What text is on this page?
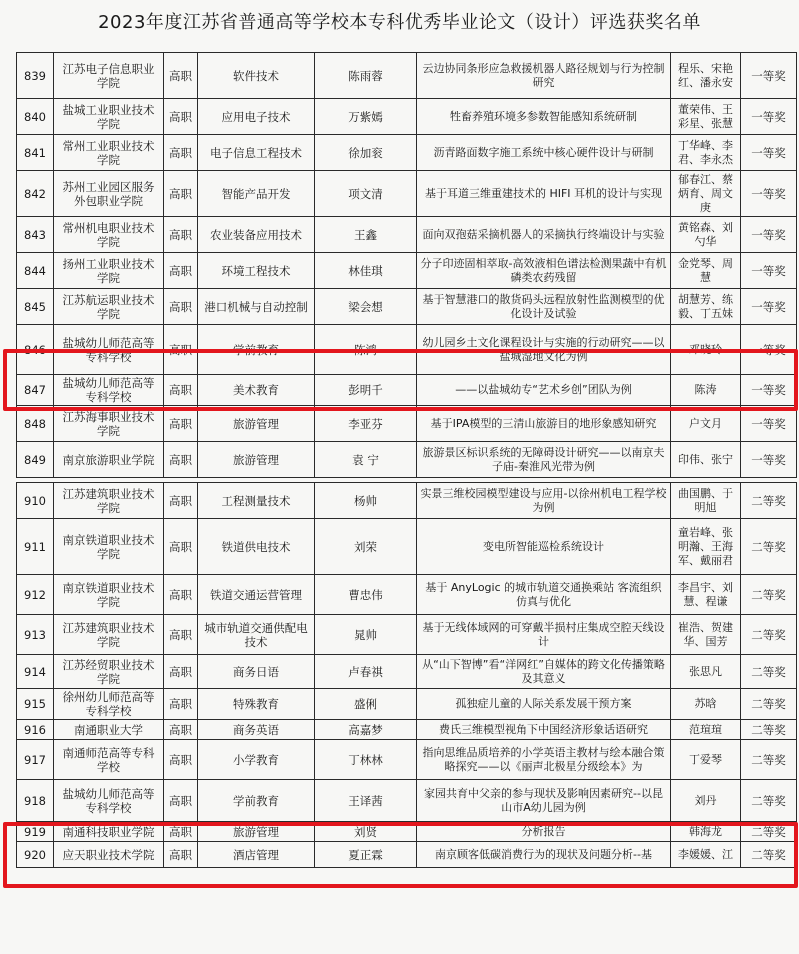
2023年度江苏省普通高等学校本专科优秀毕业论文（设计）评选获奖名单
839	江苏电子信息职业学院	高职	软件技术	陈雨蓉	云边协同条形应急救援机器人路径规划与行为控制研究	程乐、宋艳红、潘永安	一等奖
840	盐城工业职业技术学院	高职	应用电子技术	万紫嫣	牲畜养殖环境多参数智能感知系统研制	董荣伟、王彩星、张慧	一等奖
841	常州工业职业技术学院	高职	电子信息工程技术	徐加衮	沥青路面数字施工系统中核心硬件设计与研制	丁华峰、李君、李永杰	一等奖
842	苏州工业园区服务外包职业学院	高职	智能产品开发	项文清	基于耳道三维重建技术的 HIFI 耳机的设计与实现	郁春江、蔡炳育、周文庚	一等奖
843	常州机电职业技术学院	高职	农业装备应用技术	王鑫	面向双孢菇采摘机器人的采摘执行终端设计与实验	黄铭森、刘勺华	一等奖
844	扬州工业职业技术学院	高职	环境工程技术	林佳琪	分子印迹固相萃取-高效液相色谱法检测果蔬中有机磷类农药残留	金党琴、周慧	一等奖
845	江苏航运职业技术学院	高职	港口机械与自动控制	梁会想	基于智慧港口的散货码头远程放射性监测模型的优化设计及试验	胡慧芳、练毅、丁五妹	一等奖
846	盐城幼儿师范高等专科学校	高职	学前教育	陈鸿	幼儿园乡土文化课程设计与实施的行动研究——以盐城湿地文化为例	邓晓玲	一等奖
847	盐城幼儿师范高等专科学校	高职	美术教育	彭明千	——以盐城幼专“艺术乡创”团队为例	陈涛	一等奖
848	江苏海事职业技术学院	高职	旅游管理	李亚芬	基于IPA模型的三清山旅游目的地形象感知研究	户文月	一等奖
849	南京旅游职业学院	高职	旅游管理	袁 宁	旅游景区标识系统的无障碍设计研究——以南京夫子庙-秦淮风光带为例	印伟、张宁	一等奖

910	江苏建筑职业技术学院	高职	工程测量技术	杨帅	实景三维校园模型建设与应用-以徐州机电工程学校为例	曲国鹏、于明旭	二等奖
911	南京铁道职业技术学院	高职	铁道供电技术	刘荣	变电所智能巡检系统设计	童岩峰、张明瀚、王海军、戴丽君	二等奖
912	南京铁道职业技术学院	高职	铁道交通运营管理	曹忠伟	基于 AnyLogic 的城市轨道交通换乘站 客流组织仿真与优化	李昌宇、刘慧、程谦	二等奖
913	江苏建筑职业技术学院	高职	城市轨道交通供配电技术	晁帅	基于无线体域网的可穿戴半损村庄集成空腔天线设计	崔浩、贺建华、国芳	二等奖
914	江苏经贸职业技术学院	高职	商务日语	卢春祺	从“山下智博”看“洋网红”自媒体的跨文化传播策略及其意义	张思凡	二等奖
915	徐州幼儿师范高等专科学校	高职	特殊教育	盛俐	孤独症儿童的人际关系发展干预方案	苏晗	二等奖
916	南通职业大学	高职	商务英语	高嘉梦	费氏三维模型视角下中国经济形象话语研究	范瑄瑄	二等奖
917	南通师范高等专科学校	高职	小学教育	丁林林	指向思维品质培养的小学英语主教材与绘本融合策略探究——以《丽声北极星分级绘本》为	丁爱琴	二等奖
918	盐城幼儿师范高等专科学校	高职	学前教育	王译茜	家园共育中父亲的参与现状及影响因素研究--以昆山市A幼儿园为例	刘丹	二等奖
919	南通科技职业学院	高职	旅游管理	刘贤	分析报告	韩海龙	二等奖
920	应天职业技术学院	高职	酒店管理	夏正霖	南京顾客低碳消费行为的现状及问题分析--基	李媛媛、江	二等奖
